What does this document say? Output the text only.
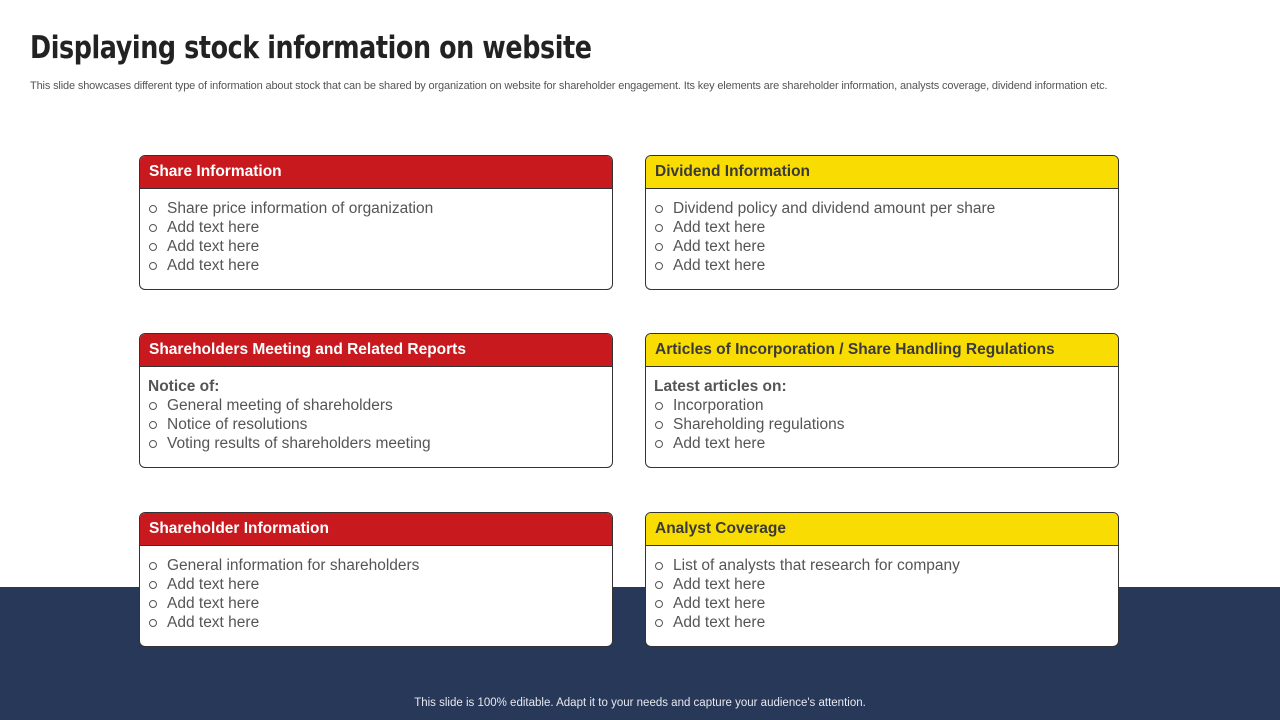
Displaying stock information on website
This slide showcases different type of information about stock that can be shared by organization on website for shareholder engagement. Its key elements are shareholder information, analysts coverage, dividend information etc.
Share Information
Share price information of organization
Add text here
Add text here
Add text here
Dividend Information
Dividend policy and dividend amount per share
Add text here
Add text here
Add text here
Shareholders Meeting and Related Reports
Notice of:
General meeting of shareholders
Notice of resolutions
Voting results of shareholders meeting
Articles of Incorporation / Share Handling Regulations
Latest articles on:
Incorporation
Shareholding regulations
Add text here
Shareholder Information
General information for shareholders
Add text here
Add text here
Add text here
Analyst Coverage
List of analysts that research for company
Add text here
Add text here
Add text here
This slide is 100% editable. Adapt it to your needs and capture your audience's attention.
